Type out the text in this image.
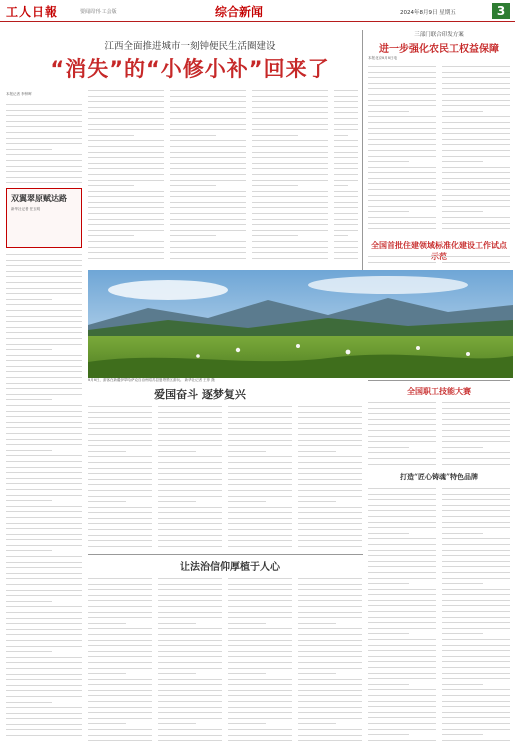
工人日報	要闻周刊·工会版	综合新闻	2024年8月9日 星期五	3
江西全面推进城市一刻钟便民生活圈建设
“消失”的“小修小补”回来了
本报记者 李钟晖
双翼翠原赋达路
新华社记者 任玉明
三部门联合印发方案
进一步强化农民工权益保障
本报北京8月8日电
8月8日，游客在新疆伊犁哈萨克自治州昭苏县夏塔景区游玩。 新华社记者 王菲 摄
全国首批住建领域标准化建设工作试点示范
爱国奋斗 逐梦复兴
让法治信仰厚植于人心
全国职工技能大赛
打造“匠心铸魂”特色品牌
